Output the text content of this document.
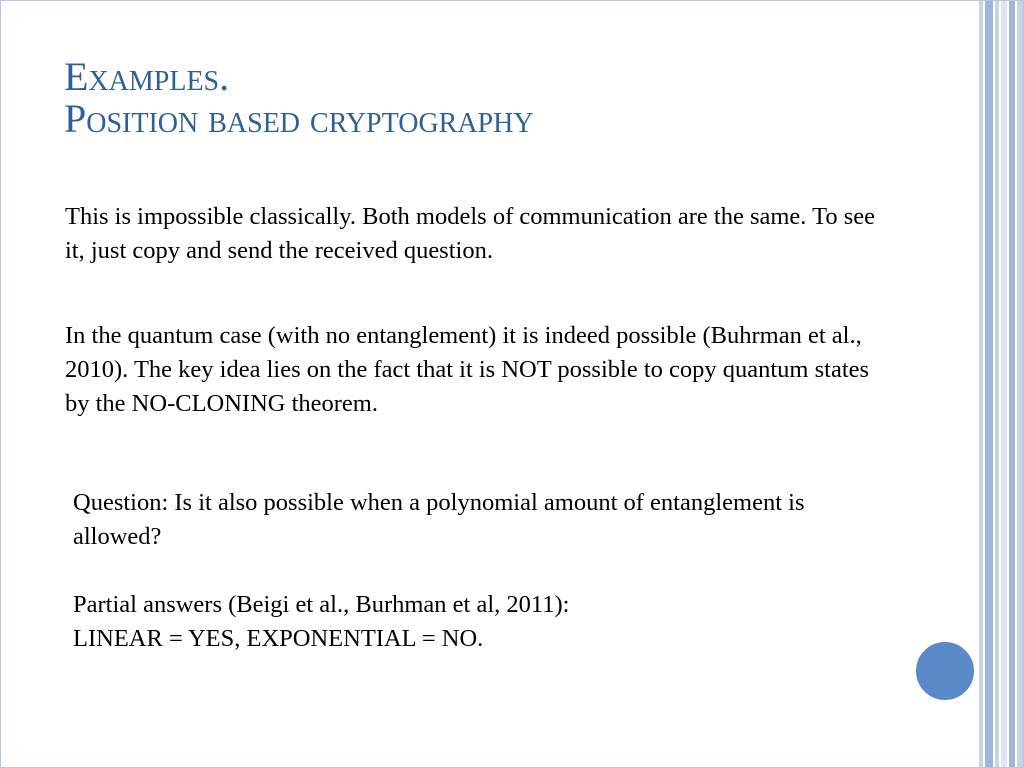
Examples.
Position based cryptography
This is impossible classically. Both models of communication are the same. To see it, just copy and send the received question.
In the quantum case (with no entanglement) it is indeed possible (Buhrman et al., 2010). The key idea lies on the fact that it is NOT possible to copy quantum states by the NO-CLONING theorem.
Question: Is it also possible when a polynomial amount of entanglement is allowed?
Partial answers (Beigi et al., Burhman et al, 2011):
LINEAR = YES, EXPONENTIAL = NO.
